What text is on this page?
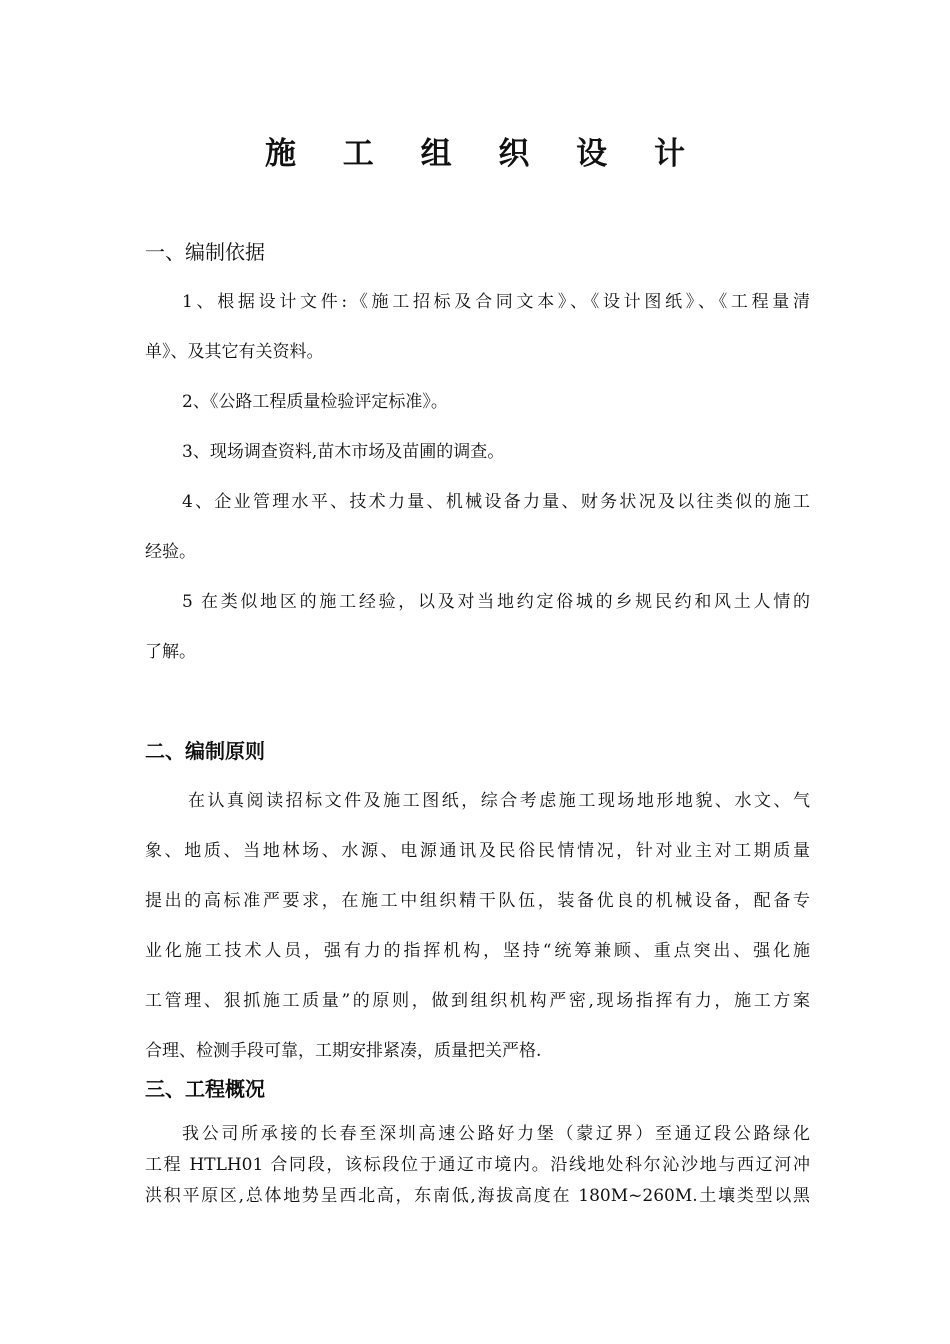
施 工 组 织 设 计
一、编制依据
1、根据设计文件:《施工招标及合同文本》、《设计图纸》、《工程量清
单》、及其它有关资料。
2、《公路工程质量检验评定标准》。
3、现场调查资料,苗木市场及苗圃的调查。
4、企业管理水平、技术力量、机械设备力量、财务状况及以往类似的施工
经验。
5 在类似地区的施工经验，以及对当地约定俗城的乡规民约和风土人情的
了解。
二、编制原则
在认真阅读招标文件及施工图纸，综合考虑施工现场地形地貌、水文、气
象、地质、当地林场、水源、电源通讯及民俗民情情况，针对业主对工期质量
提出的高标准严要求，在施工中组织精干队伍，装备优良的机械设备，配备专
业化施工技术人员，强有力的指挥机构，坚持“统筹兼顾、重点突出、强化施
工管理、狠抓施工质量”的原则，做到组织机构严密,现场指挥有力，施工方案
合理、检测手段可靠，工期安排紧凑，质量把关严格.
三、工程概况
我公司所承接的长春至深圳高速公路好力堡（蒙辽界）至通辽段公路绿化
工程 HTLH01 合同段，该标段位于通辽市境内。沿线地处科尔沁沙地与西辽河冲
洪积平原区,总体地势呈西北高，东南低,海拔高度在 180M~260M.土壤类型以黑
